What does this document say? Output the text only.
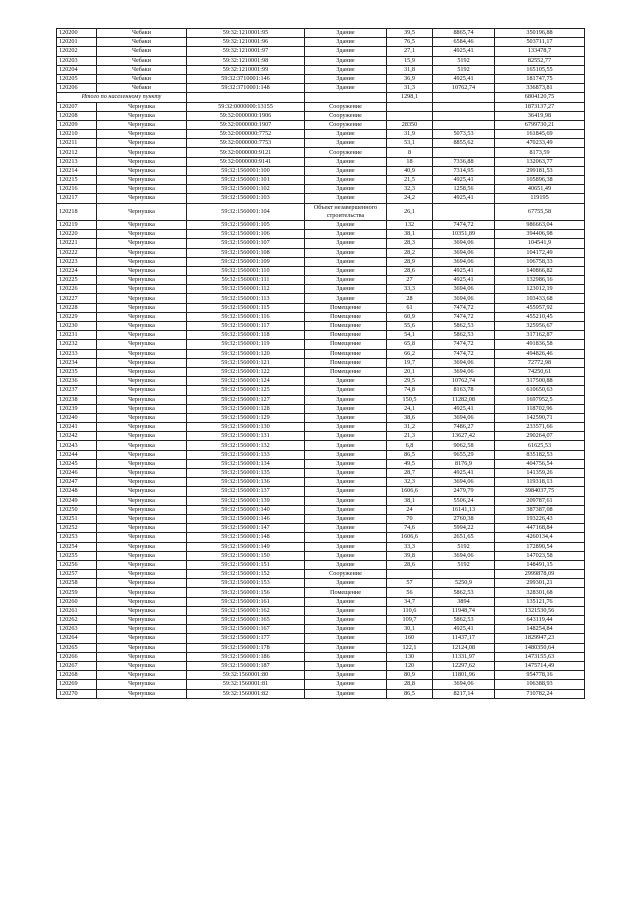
120200	Чебаки	59:32:1210001:95	Здание	39,5	8865,74	350196,88
120201	Чебаки	59:32:1210001:96	Здание	76,5	6584,46	503711,17
120202	Чебаки	59:32:1210001:97	Здание	27,1	4925,41	133478,7
120203	Чебаки	59:32:1210001:98	Здание	15,9	5192	82552,77
120204	Чебаки	59:32:1210001:99	Здание	31,8	5192	165105,55
120205	Чебаки	59:32:3710001:146	Здание	36,9	4925,41	181747,75
120206	Чебаки	59:32:3710001:148	Здание	31,3	10762,74	336873,81
Итого по населенному пункту				1298,1		6804120,75
120207	Чернушка	59:32:0000000:13155	Сооружение			1873137,27
120208	Чернушка	59:32:0000000:1906	Сооружение			36419,98
120209	Чернушка	59:32:0000000:1907	Сооружение	28350		6799730,21
120210	Чернушка	59:32:0000000:7752	Здание	31,9	5073,53	161845,69
120211	Чернушка	59:32:0000000:7753	Здание	53,1	8855,62	470233,49
120212	Чернушка	59:32:0000000:9121	Сооружение	8		8173,59
120213	Чернушка	59:32:0000000:9141	Здание	18	7336,88	132063,77
120214	Чернушка	59:32:1560001:100	Здание	40,9	7314,95	299181,53
120215	Чернушка	59:32:1560001:101	Здание	21,5	4925,41	105896,38
120216	Чернушка	59:32:1560001:102	Здание	32,3	1258,56	40651,49
120217	Чернушка	59:32:1560001:103	Здание	24,2	4925,41	119195
120218	Чернушка	59:32:1560001:104	Объект незавершенного строительства	26,1		67755,58
120219	Чернушка	59:32:1560001:105	Здание	132	7474,72	986663,04
120220	Чернушка	59:32:1560001:106	Здание	38,1	10351,89	394406,98
120221	Чернушка	59:32:1560001:107	Здание	28,3	3694,06	104541,9
120222	Чернушка	59:32:1560001:108	Здание	28,2	3694,06	104172,49
120223	Чернушка	59:32:1560001:109	Здание	28,9	3694,06	106758,33
120224	Чернушка	59:32:1560001:110	Здание	28,6	4925,41	140866,82
120225	Чернушка	59:32:1560001:111	Здание	27	4925,41	132986,16
120226	Чернушка	59:32:1560001:112	Здание	33,3	3694,06	123012,19
120227	Чернушка	59:32:1560001:113	Здание	28	3694,06	103433,68
120228	Чернушка	59:32:1560001:115	Помещение	61	7474,72	455957,92
120229	Чернушка	59:32:1560001:116	Помещение	60,9	7474,72	455210,45
120230	Чернушка	59:32:1560001:117	Помещение	55,6	5862,53	325956,67
120231	Чернушка	59:32:1560001:118	Помещение	54,1	5862,53	317162,87
120232	Чернушка	59:32:1560001:119	Помещение	65,8	7474,72	491836,58
120233	Чернушка	59:32:1560001:120	Помещение	66,2	7474,72	494826,46
120234	Чернушка	59:32:1560001:121	Помещение	19,7	3694,06	72772,98
120235	Чернушка	59:32:1560001:122	Помещение	20,1	3694,06	74250,61
120236	Чернушка	59:32:1560001:124	Здание	29,5	10762,74	317500,88
120237	Чернушка	59:32:1560001:125	Здание	74,8	8163,78	610650,63
120238	Чернушка	59:32:1560001:127	Здание	150,5	11282,08	1697952,5
120239	Чернушка	59:32:1560001:128	Здание	24,1	4925,41	118702,96
120240	Чернушка	59:32:1560001:129	Здание	38,6	3694,06	142590,71
120241	Чернушка	59:32:1560001:130	Здание	31,2	7486,27	233571,66
120242	Чернушка	59:32:1560001:131	Здание	21,3	13627,42	290264,07
120243	Чернушка	59:32:1560001:132	Здание	6,8	9062,58	61625,53
120244	Чернушка	59:32:1560001:133	Здание	86,5	9655,29	835182,53
120245	Чернушка	59:32:1560001:134	Здание	49,5	8176,9	404756,54
120246	Чернушка	59:32:1560001:135	Здание	28,7	4925,41	141359,26
120247	Чернушка	59:32:1560001:136	Здание	32,3	3694,06	119318,13
120248	Чернушка	59:32:1560001:137	Здание	1606,6	2479,79	3984037,75
120249	Чернушка	59:32:1560001:139	Здание	38,1	5506,24	209787,61
120250	Чернушка	59:32:1560001:140	Здание	24	16141,13	387387,08
120251	Чернушка	59:32:1560001:146	Здание	70	2760,38	193226,43
120252	Чернушка	59:32:1560001:147	Здание	74,6	5994,22	447168,84
120253	Чернушка	59:32:1560001:148	Здание	1606,6	2651,65	4260134,4
120254	Чернушка	59:32:1560001:149	Здание	33,3	5192	172890,54
120255	Чернушка	59:32:1560001:150	Здание	39,8	3694,06	147023,58
120256	Чернушка	59:32:1560001:151	Здание	28,6	5192	148491,15
120257	Чернушка	59:32:1560001:152	Сооружение			2999878,09
120258	Чернушка	59:32:1560001:153	Здание	57	5250,9	299301,21
120259	Чернушка	59:32:1560001:156	Помещение	56	5862,53	328301,68
120260	Чернушка	59:32:1560001:161	Здание	34,7	3894	135121,76
120261	Чернушка	59:32:1560001:162	Здание	110,6	11948,74	1321530,56
120262	Чернушка	59:32:1560001:165	Здание	109,7	5862,53	643119,44
120263	Чернушка	59:32:1560001:167	Здание	30,1	4925,41	148254,84
120264	Чернушка	59:32:1560001:177	Здание	160	11437,17	1829947,23
120265	Чернушка	59:32:1560001:178	Здание	122,1	12124,08	1480350,64
120266	Чернушка	59:32:1560001:186	Здание	130	11331,97	1473155,63
120267	Чернушка	59:32:1560001:187	Здание	120	12297,62	1475714,49
120268	Чернушка	59:32:1560001:80	Здание	80,9	11801,96	954778,16
120269	Чернушка	59:32:1560001:81	Здание	28,8	3694,06	106388,93
120270	Чернушка	59:32:1560001:82	Здание	86,5	8217,14	710782,24
